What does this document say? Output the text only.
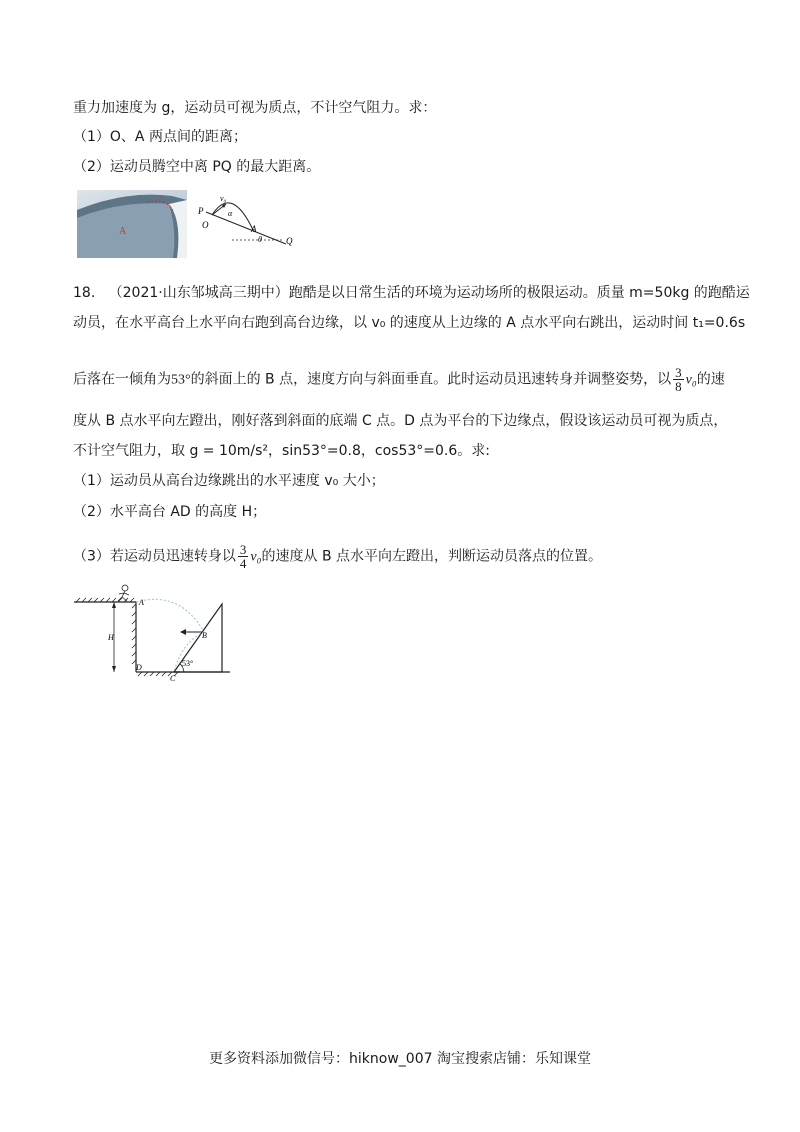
重力加速度为 g，运动员可视为质点，不计空气阻力。求：
（1）O、A 两点间的距离；
（2）运动员腾空中离 PQ 的最大距离。
A
P
O
v₀
α
A
θ	Q
18. （2021·山东邹城高三期中）跑酷是以日常生活的环境为运动场所的极限运动。质量 m=50kg 的跑酷运
动员，在水平高台上水平向右跑到高台边缘，以 v₀ 的速度从上边缘的 A 点水平向右跳出，运动时间 t₁=0.6s
后落在一倾角为53°的斜面上的 B 点，速度方向与斜面垂直。此时运动员迅速转身并调整姿势，以 $\frac{3}{8} v_0$的速
度从 B 点水平向左蹬出，刚好落到斜面的底端 C 点。D 点为平台的下边缘点，假设该运动员可视为质点，
不计空气阻力，取 g = 10m/s²，sin53°=0.8，cos53°=0.6。求:
（1）运动员从高台边缘跳出的水平速度 v₀ 大小；
（2）水平高台 AD 的高度 H；
（3）若运动员迅速转身以 $\frac{3}{4} v_0$的速度从 B 点水平向左蹬出，判断运动员落点的位置。
A
B
H
D
C
53°
更多资料添加微信号：hiknow_007 淘宝搜索店铺：乐知课堂
